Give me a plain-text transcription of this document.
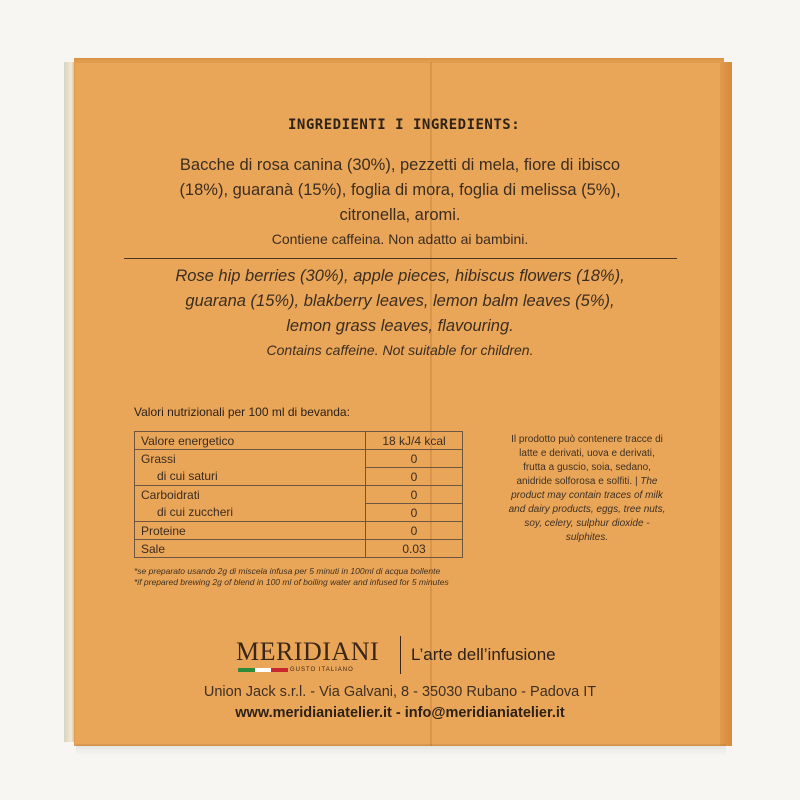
INGREDIENTI I INGREDIENTS:
Bacche di rosa canina (30%), pezzetti di mela, fiore di ibisco
(18%), guaranà (15%), foglia di mora, foglia di melissa (5%),
citronella, aromi.
Contiene caffeina. Non adatto ai bambini.
Rose hip berries (30%), apple pieces, hibiscus flowers (18%),
guarana (15%), blakberry leaves, lemon balm leaves (5%),
lemon grass leaves, flavouring.
Contains caffeine. Not suitable for children.
Valori nutrizionali per 100 ml di bevanda:
Valore energetico	18 kJ/4 kcal
Grassi	0
di cui saturi	0
Carboidrati	0
di cui zuccheri	0
Proteine	0
Sale	0.03
*se preparato usando 2g di miscela infusa per 5 minuti in 100ml di acqua bollente
*if prepared brewing 2g of blend in 100 ml of boiling water and infused for 5 minutes
Il prodotto può contenere tracce di latte e derivati, uova e derivati, frutta a guscio, soia, sedano, anidride solforosa e solfiti. | The product may contain traces of milk and dairy products, eggs, tree nuts, soy, celery, sulphur dioxide - sulphites.
MERIDIANI
GUSTO ITALIANO
L’arte dell’infusione
Union Jack s.r.l. - Via Galvani, 8 - 35030 Rubano - Padova IT
www.meridianiatelier.it - info@meridianiatelier.it
